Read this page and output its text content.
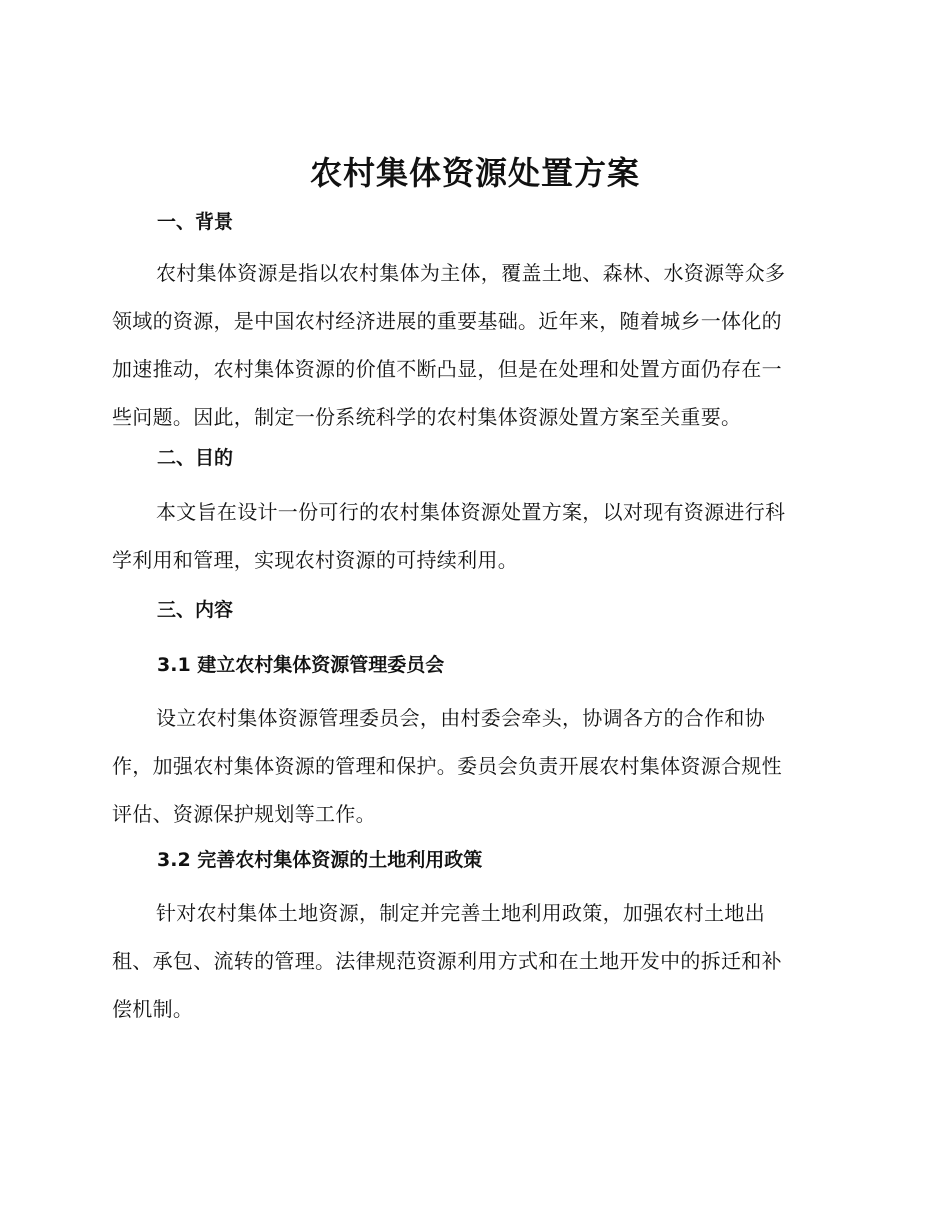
农村集体资源处置方案
一、背景
农村集体资源是指以农村集体为主体，覆盖土地、森林、水资源等众多
领域的资源，是中国农村经济进展的重要基础。近年来，随着城乡一体化的
加速推动，农村集体资源的价值不断凸显，但是在处理和处置方面仍存在一
些问题。因此，制定一份系统科学的农村集体资源处置方案至关重要。
二、目的
本文旨在设计一份可行的农村集体资源处置方案，以对现有资源进行科
学利用和管理，实现农村资源的可持续利用。
三、内容
3.1 建立农村集体资源管理委员会
设立农村集体资源管理委员会，由村委会牵头，协调各方的合作和协
作，加强农村集体资源的管理和保护。委员会负责开展农村集体资源合规性
评估、资源保护规划等工作。
3.2 完善农村集体资源的土地利用政策
针对农村集体土地资源，制定并完善土地利用政策，加强农村土地出
租、承包、流转的管理。法律规范资源利用方式和在土地开发中的拆迁和补
偿机制。
